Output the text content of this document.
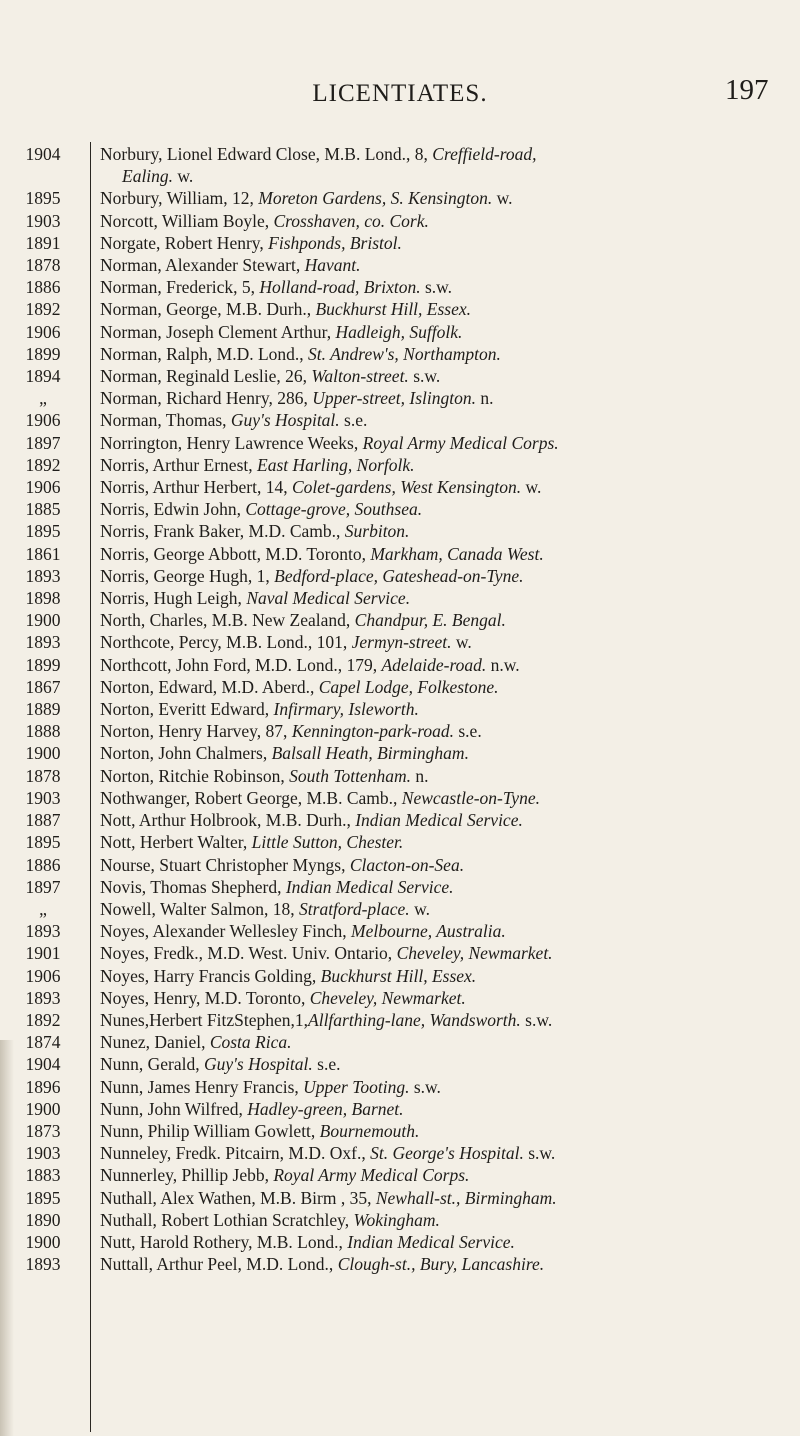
LICENTIATES.	197
1904	Norbury, Lionel Edward Close, M.B. Lond., 8, Creffield-road,
Ealing. w.
1895	Norbury, William, 12, Moreton Gardens, S. Kensington. w.
1903	Norcott, William Boyle, Crosshaven, co. Cork.
1891	Norgate, Robert Henry, Fishponds, Bristol.
1878	Norman, Alexander Stewart, Havant.
1886	Norman, Frederick, 5, Holland-road, Brixton. s.w.
1892	Norman, George, M.B. Durh., Buckhurst Hill, Essex.
1906	Norman, Joseph Clement Arthur, Hadleigh, Suffolk.
1899	Norman, Ralph, M.D. Lond., St. Andrew's, Northampton.
1894	Norman, Reginald Leslie, 26, Walton-street. s.w.
„	Norman, Richard Henry, 286, Upper-street, Islington. n.
1906	Norman, Thomas, Guy's Hospital. s.e.
1897	Norrington, Henry Lawrence Weeks, Royal Army Medical Corps.
1892	Norris, Arthur Ernest, East Harling, Norfolk.
1906	Norris, Arthur Herbert, 14, Colet-gardens, West Kensington. w.
1885	Norris, Edwin John, Cottage-grove, Southsea.
1895	Norris, Frank Baker, M.D. Camb., Surbiton.
1861	Norris, George Abbott, M.D. Toronto, Markham, Canada West.
1893	Norris, George Hugh, 1, Bedford-place, Gateshead-on-Tyne.
1898	Norris, Hugh Leigh, Naval Medical Service.
1900	North, Charles, M.B. New Zealand, Chandpur, E. Bengal.
1893	Northcote, Percy, M.B. Lond., 101, Jermyn-street. w.
1899	Northcott, John Ford, M.D. Lond., 179, Adelaide-road. n.w.
1867	Norton, Edward, M.D. Aberd., Capel Lodge, Folkestone.
1889	Norton, Everitt Edward, Infirmary, Isleworth.
1888	Norton, Henry Harvey, 87, Kennington-park-road. s.e.
1900	Norton, John Chalmers, Balsall Heath, Birmingham.
1878	Norton, Ritchie Robinson, South Tottenham. n.
1903	Nothwanger, Robert George, M.B. Camb., Newcastle-on-Tyne.
1887	Nott, Arthur Holbrook, M.B. Durh., Indian Medical Service.
1895	Nott, Herbert Walter, Little Sutton, Chester.
1886	Nourse, Stuart Christopher Myngs, Clacton-on-Sea.
1897	Novis, Thomas Shepherd, Indian Medical Service.
„	Nowell, Walter Salmon, 18, Stratford-place. w.
1893	Noyes, Alexander Wellesley Finch, Melbourne, Australia.
1901	Noyes, Fredk., M.D. West. Univ. Ontario, Cheveley, Newmarket.
1906	Noyes, Harry Francis Golding, Buckhurst Hill, Essex.
1893	Noyes, Henry, M.D. Toronto, Cheveley, Newmarket.
1892	Nunes,Herbert FitzStephen,1,Allfarthing-lane, Wandsworth. s.w.
1874	Nunez, Daniel, Costa Rica.
1904	Nunn, Gerald, Guy's Hospital. s.e.
1896	Nunn, James Henry Francis, Upper Tooting. s.w.
1900	Nunn, John Wilfred, Hadley-green, Barnet.
1873	Nunn, Philip William Gowlett, Bournemouth.
1903	Nunneley, Fredk. Pitcairn, M.D. Oxf., St. George's Hospital. s.w.
1883	Nunnerley, Phillip Jebb, Royal Army Medical Corps.
1895	Nuthall, Alex Wathen, M.B. Birm , 35, Newhall-st., Birmingham.
1890	Nuthall, Robert Lothian Scratchley, Wokingham.
1900	Nutt, Harold Rothery, M.B. Lond., Indian Medical Service.
1893	Nuttall, Arthur Peel, M.D. Lond., Clough-st., Bury, Lancashire.
